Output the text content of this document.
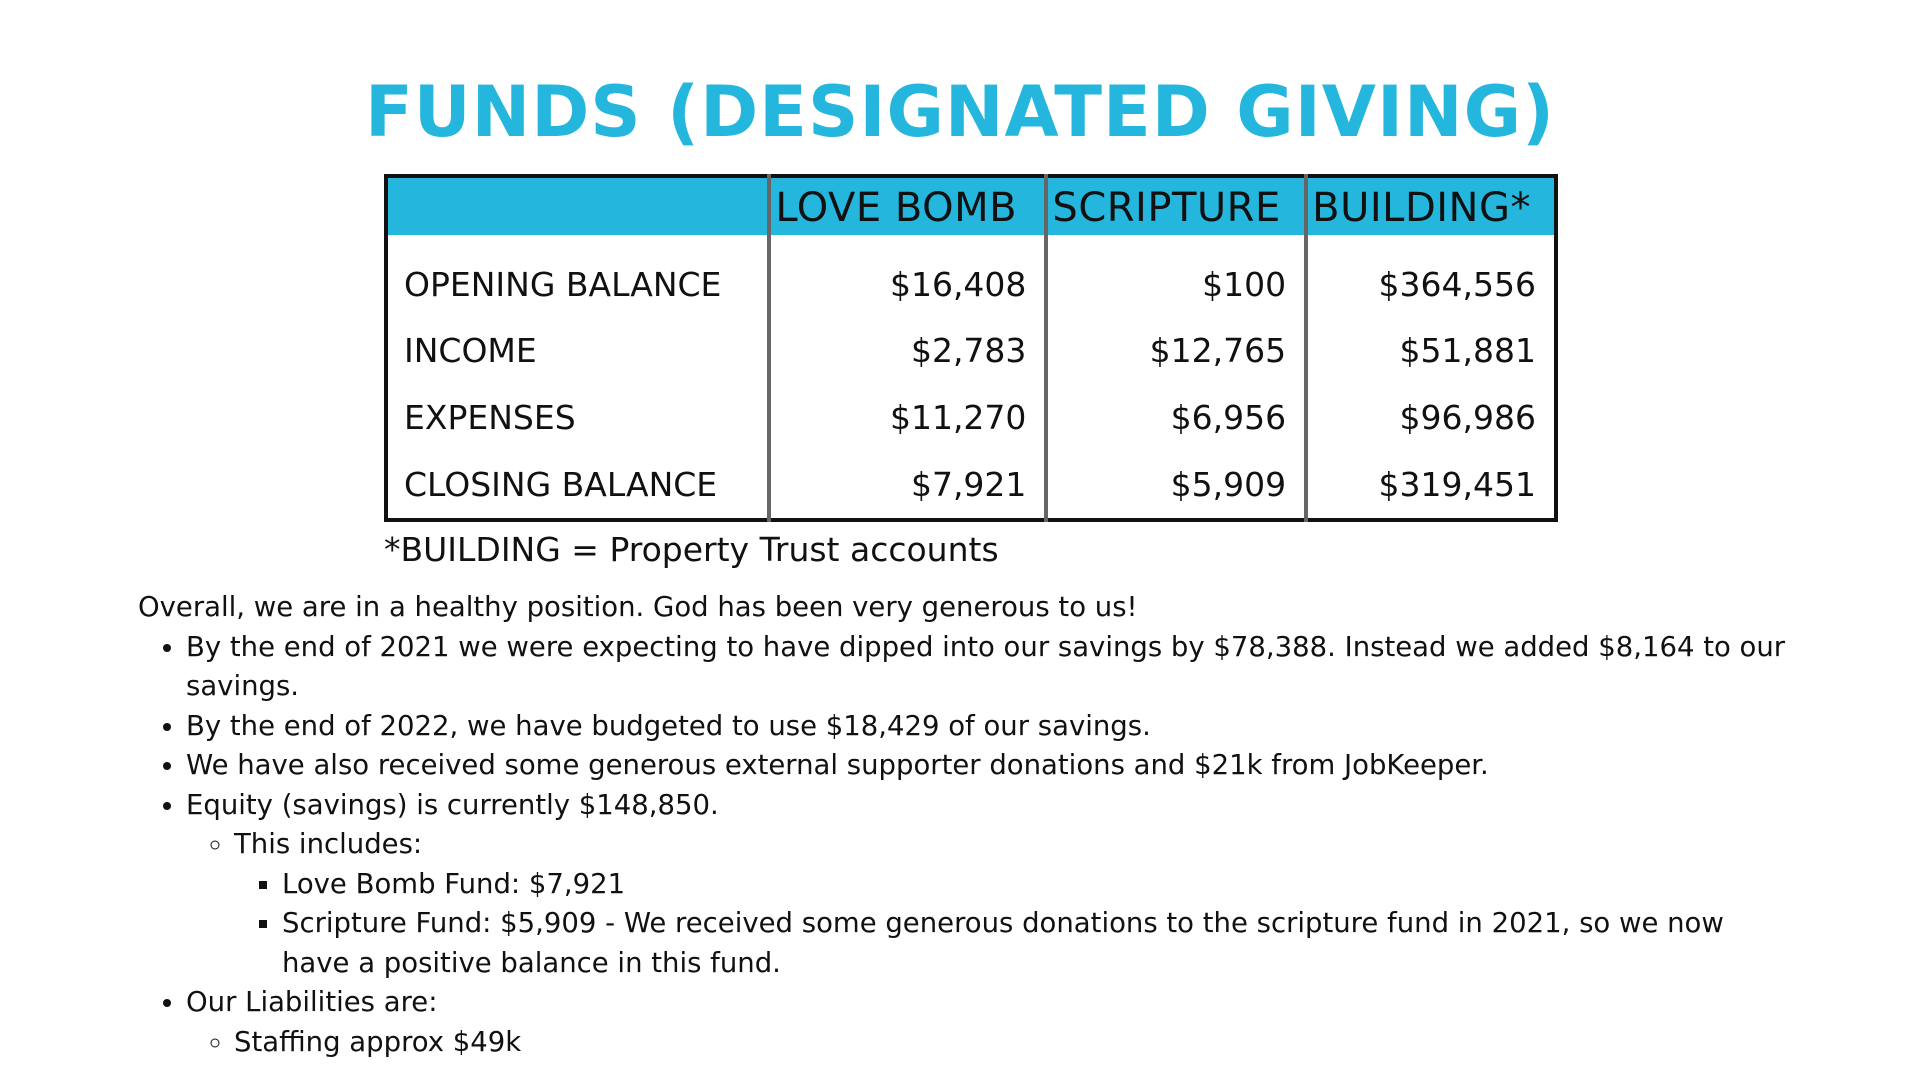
FUNDS (DESIGNATED GIVING)
	LOVE BOMB	SCRIPTURE	BUILDING*
OPENING BALANCE	$16,408	$100	$364,556
INCOME	$2,783	$12,765	$51,881
EXPENSES	$11,270	$6,956	$96,986
CLOSING BALANCE	$7,921	$5,909	$319,451
*BUILDING = Property Trust accounts

Overall, we are in a healthy position. God has been very generous to us!

• By the end of 2021 we were expecting to have dipped into our savings by $78,388. Instead we added $8,164 to our savings.
• By the end of 2022, we have budgeted to use $18,429 of our savings.
• We have also received some generous external supporter donations and $21k from JobKeeper.
• Equity (savings) is currently $148,850.
◦ This includes:
▪ Love Bomb Fund: $7,921
▪ Scripture Fund: $5,909 - We received some generous donations to the scripture fund in 2021, so we now have a positive balance in this fund.
• Our Liabilities are:
◦ Staffing approx $49k
